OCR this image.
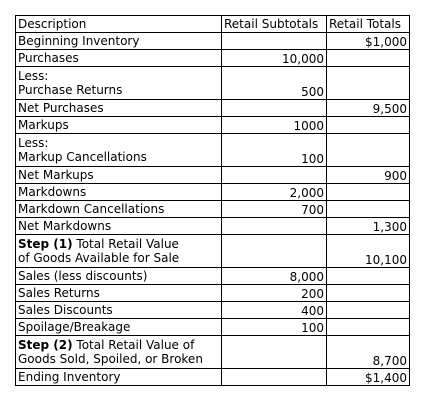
Description	Retail Subtotals	Retail Totals
Beginning Inventory		$1,000
Purchases	10,000	
Less:
Purchase Returns	500	
Net Purchases		9,500
Markups	1000	
Less:
Markup Cancellations	100	
Net Markups		900
Markdowns	2,000	
Markdown Cancellations	700	
Net Markdowns		1,300
Step (1) Total Retail Value
of Goods Available for Sale		10,100
Sales (less discounts)	8,000	
Sales Returns	200	
Sales Discounts	400	
Spoilage/Breakage	100	
Step (2) Total Retail Value of
Goods Sold, Spoiled, or Broken		8,700
Ending Inventory		$1,400
